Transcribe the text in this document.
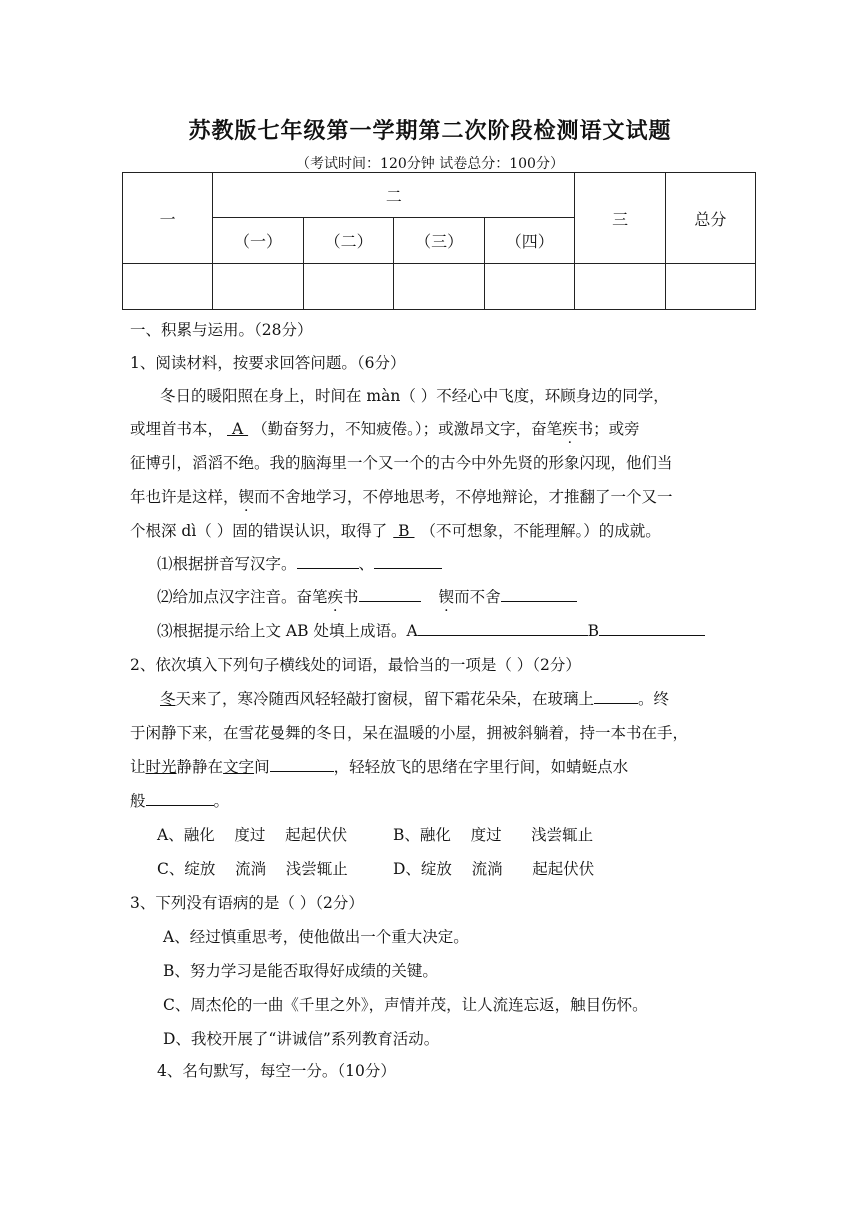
苏教版七年级第一学期第二次阶段检测语文试题
（考试时间：120分钟 试卷总分：100分）
一	二				三	总分
	（一）	（二）	（三）	（四）		

一、积累与运用。（28分）
1、阅读材料，按要求回答问题。（6分）
冬日的暖阳照在身上，时间在 màn（ ）不经心中飞度，环顾身边的同学，
或埋首书本， A （勤奋努力，不知疲倦。）；或激昂文字，奋笔疾书；或旁
征博引，滔滔不绝。我的脑海里一个又一个的古今中外先贤的形象闪现，他们当
年也许是这样，锲而不舍地学习，不停地思考，不停地辩论，才推翻了一个又一
个根深 dì（ ）固的错误认识，取得了 B （不可想象，不能理解。）的成就。
⑴根据拼音写汉字。	、
⑵给加点汉字注音。奋笔疾书	锲而不舍
⑶根据提示给上文 AB 处填上成语。A	B
2、依次填入下列句子横线处的词语，最恰当的一项是（ ）（2分）
冬天来了，寒冷随西风轻轻敲打窗棂，留下霜花朵朵，在玻璃上	。终
于闲静下来，在雪花曼舞的冬日，呆在温暖的小屋，拥被斜躺着，持一本书在手，
让时光静静在文字间	，轻轻放飞的思绪在字里行间，如蜻蜓点水
般	。
A、融化    度过    起起伏伏	B、融化    度过      浅尝辄止
C、绽放    流淌    浅尝辄止	D、绽放    流淌      起起伏伏
3、下列没有语病的是（ ）（2分）
A、经过慎重思考，使他做出一个重大决定。
B、努力学习是能否取得好成绩的关键。
C、周杰伦的一曲《千里之外》，声情并茂，让人流连忘返，触目伤怀。
D、我校开展了“讲诚信”系列教育活动。
4、名句默写，每空一分。（10分）
